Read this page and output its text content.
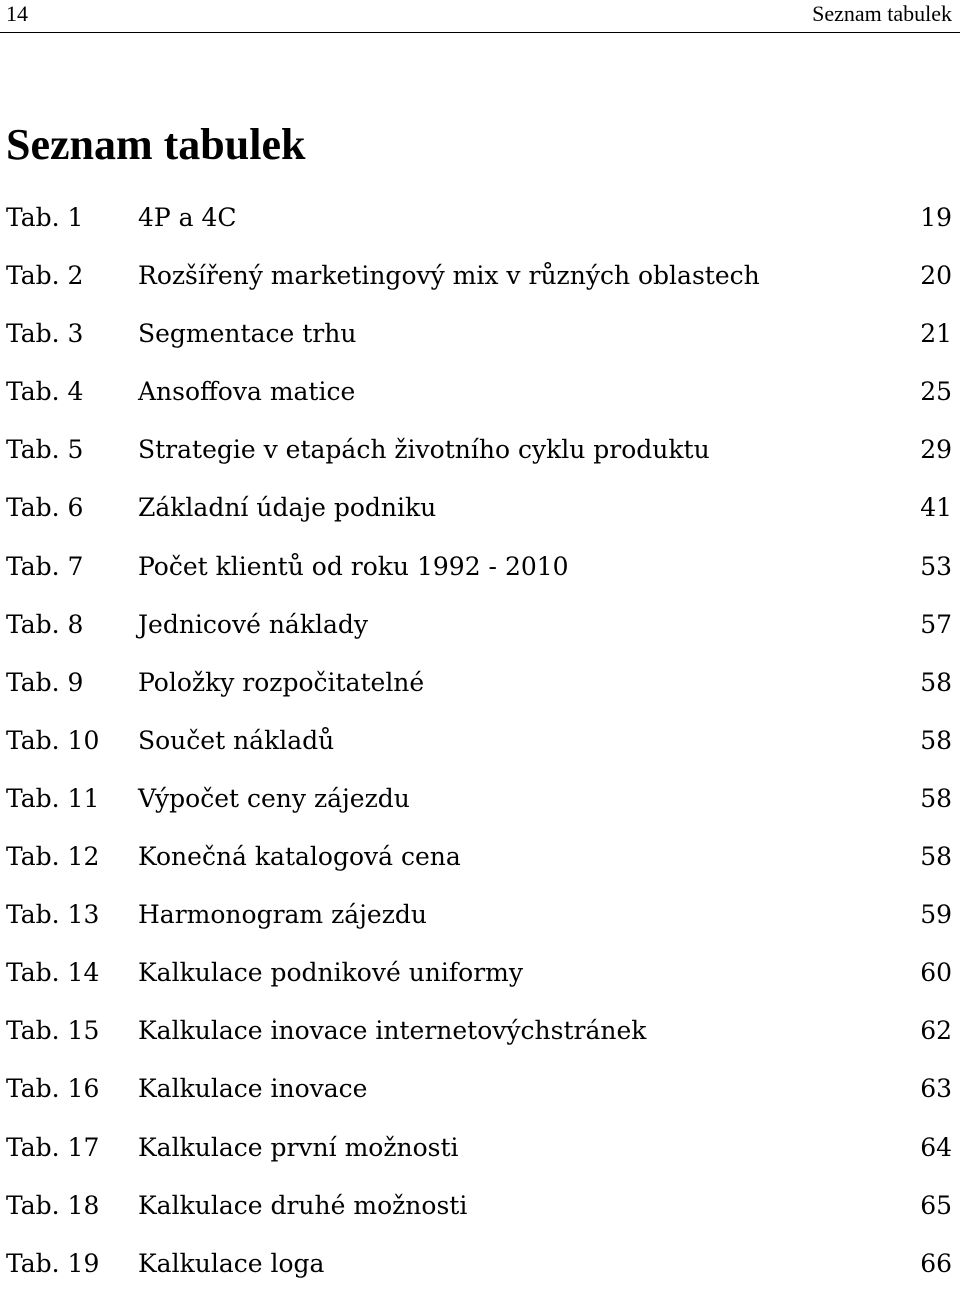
14	Seznam tabulek
Seznam tabulek
Tab. 1 4P a 4C	19
Tab. 2 Rozšířený marketingový mix v různých oblastech	20
Tab. 3 Segmentace trhu	21
Tab. 4 Ansoffova matice	25
Tab. 5 Strategie v etapách životního cyklu produktu	29
Tab. 6 Základní údaje podniku	41
Tab. 7 Počet klientů od roku 1992 - 2010	53
Tab. 8 Jednicové náklady	57
Tab. 9 Položky rozpočitatelné	58
Tab. 10 Součet nákladů	58
Tab. 11 Výpočet ceny zájezdu	58
Tab. 12 Konečná katalogová cena	58
Tab. 13 Harmonogram zájezdu	59
Tab. 14 Kalkulace podnikové uniformy	60
Tab. 15 Kalkulace inovace internetovýchstránek	62
Tab. 16 Kalkulace inovace	63
Tab. 17 Kalkulace první možnosti	64
Tab. 18 Kalkulace druhé možnosti	65
Tab. 19 Kalkulace loga	66
